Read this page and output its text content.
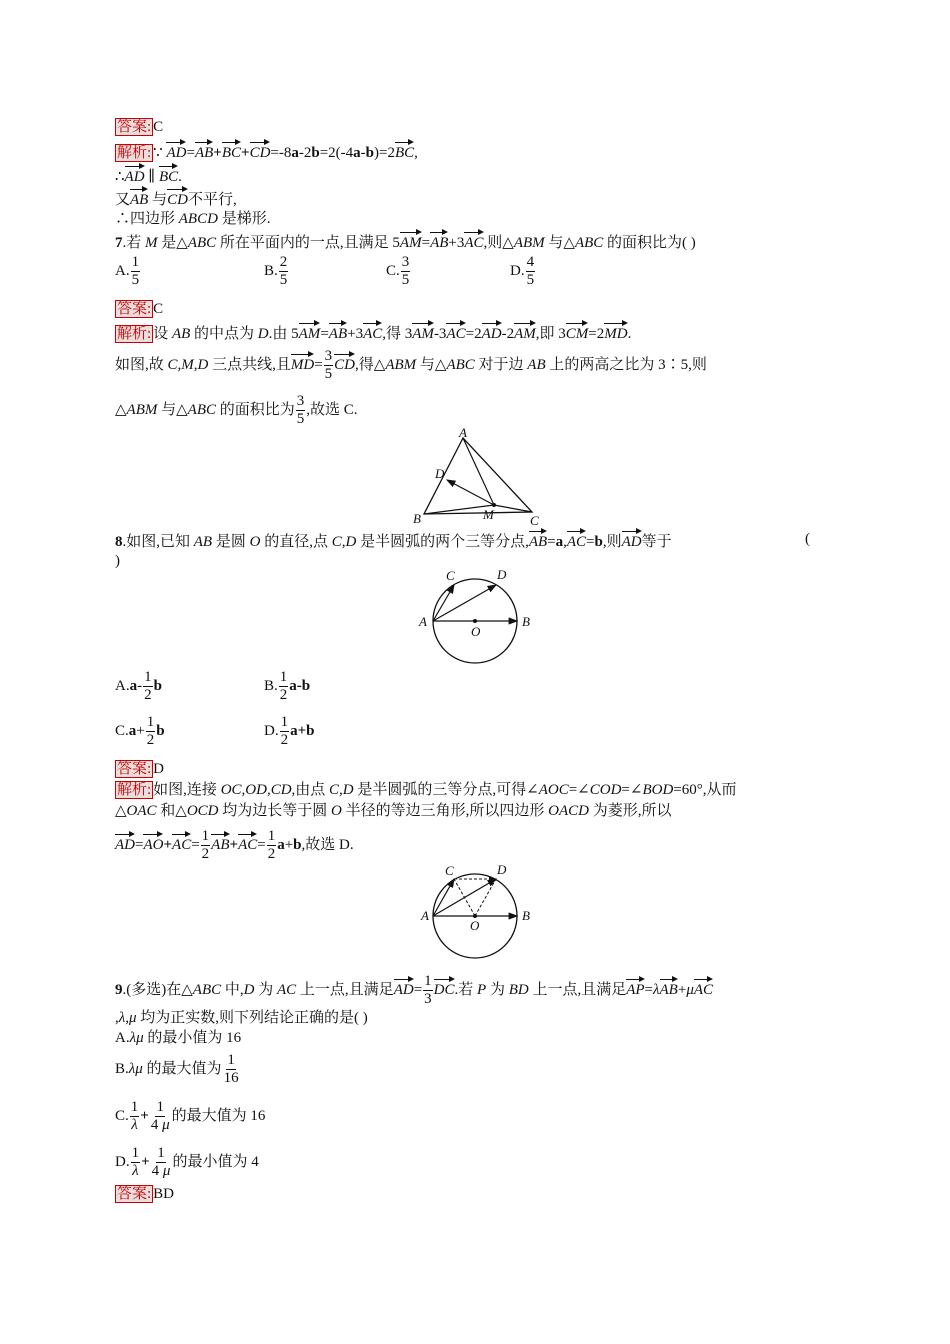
答案: C
解析: ∵ AD=AB+BC+CD=-8a-2b=2(-4a-b)=2BC,
∴AD ∥ BC.
又AB 与CD不平行,
∴四边形 ABCD 是梯形.
7.若 M 是△ABC 所在平面内的一点,且满足 5AM=AB+3AC,则△ABM 与△ABC 的面积比为( )
A. $\frac{1}{5}$	B. $\frac{2}{5}$	C. $\frac{3}{5}$	D. $\frac{4}{5}$
答案: C
解析: 设 AB 的中点为 D.由 5AM=AB+3AC,得 3AM-3AC=2AD-2AM,即 3CM=2MD.
如图,故 C,M,D 三点共线,且$MD= \frac{3}{5}$ CD,得△ABM 与△ABC 对于边 AB 上的两高之比为 3∶5,则
△ABM 与△ABC 的面积比为 $\frac{3}{5}$ ,故选 C.
A
D
M
B	C
8.如图,已知 AB 是圆 O 的直径,点 C,D 是半圆弧的两个三等分点,AB=a,AC=b,则AD等于	(
)
C	D
A	B
O
$A.a- \frac{1}{2}$ b	B. $\frac{1}{2} a-b$
$C.a+ \frac{1}{2}$ b	D. $\frac{1}{2} a+b$
答案: D
解析: 如图,连接 OC,OD,CD,由点 C,D 是半圆弧的三等分点,可得∠AOC=∠COD=∠BOD=60°,从而
△OAC 和△OCD 均为边长等于圆 O 半径的等边三角形,所以四边形 OACD 为菱形,所以
$AD=AO+AC= \frac{1}{2} AB+AC= \frac{1}{2} a+b$,故选 D.
C	D
A	B
O
9.(多选)在△ABC 中,D 为 AC 上一点,且满足$AD= \frac{1}{3}$ DC.若 P 为 BD 上一点,且满足AP=λAB+μAC
,λ,μ 均为正实数,则下列结论正确的是( )
A.λμ 的最小值为 16
B.λμ 的最大值为 $\frac{1}{16}$
C. $\frac{1}{\lambda} + \frac{1}{4 \mu}$ 的最大值为 16
D. $\frac{1}{\lambda} + \frac{1}{4 \mu}$ 的最小值为 4
答案: BD
